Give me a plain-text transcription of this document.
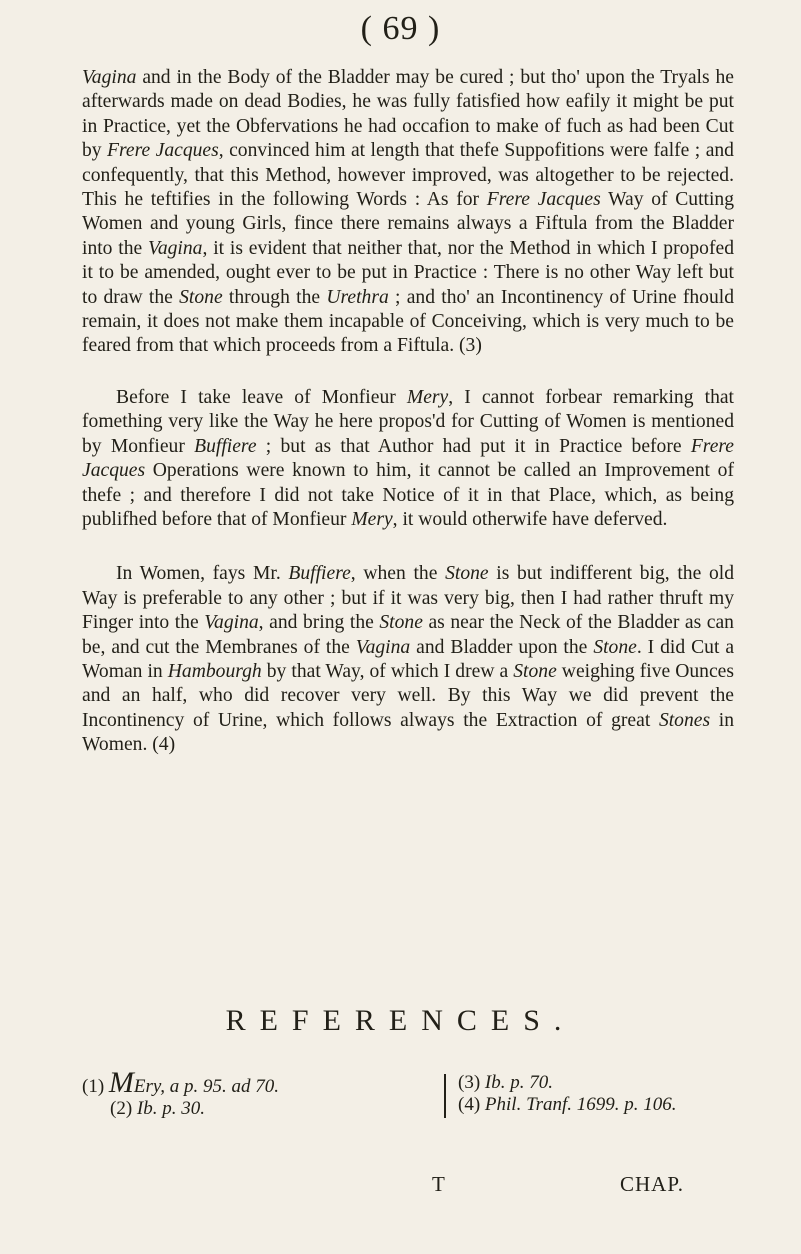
( 69 )

Vagina and in the Body of the Bladder may be cured ; but tho' upon the Tryals he afterwards made on dead Bodies, he was fully fatisfied how eafily it might be put in Practice, yet the Obfervations he had occafion to make of fuch as had been Cut by Frere Jacques, convinced him at length that thefe Suppofitions were falfe ; and confequently, that this Method, however improved, was altogether to be rejected. This he teftifies in the following Words : As for Frere Jacques Way of Cutting Women and young Girls, fince there remains always a Fiftula from the Bladder into the Vagina, it is evident that neither that, nor the Method in which I propofed it to be amended, ought ever to be put in Practice : There is no other Way left but to draw the Stone through the Urethra ; and tho' an Incontinency of Urine fhould remain, it does not make them incapable of Conceiving, which is very much to be feared from that which proceeds from a Fiftula. (3)

Before I take leave of Monfieur Mery, I cannot forbear remarking that fomething very like the Way he here propos'd for Cutting of Women is mentioned by Monfieur Buffiere ; but as that Author had put it in Practice before Frere Jacques Operations were known to him, it cannot be called an Improvement of thefe ; and therefore I did not take Notice of it in that Place, which, as being publifhed before that of Monfieur Mery, it would otherwife have deferved.

In Women, fays Mr. Buffiere, when the Stone is but indifferent big, the old Way is preferable to any other ; but if it was very big, then I had rather thruft my Finger into the Vagina, and bring the Stone as near the Neck of the Bladder as can be, and cut the Membranes of the Vagina and Bladder upon the Stone. I did Cut a Woman in Hambourgh by that Way, of which I drew a Stone weighing five Ounces and an half, who did recover very well. By this Way we did prevent the Incontinency of Urine, which follows always the Extraction of great Stones in Women. (4)

REFERENCES.
(1) MEry, a p. 95. ad 70.
(2) Ib. p. 30.
(3) Ib. p. 70.
(4) Phil. Tranf. 1699. p. 106.
T	CHAP.
